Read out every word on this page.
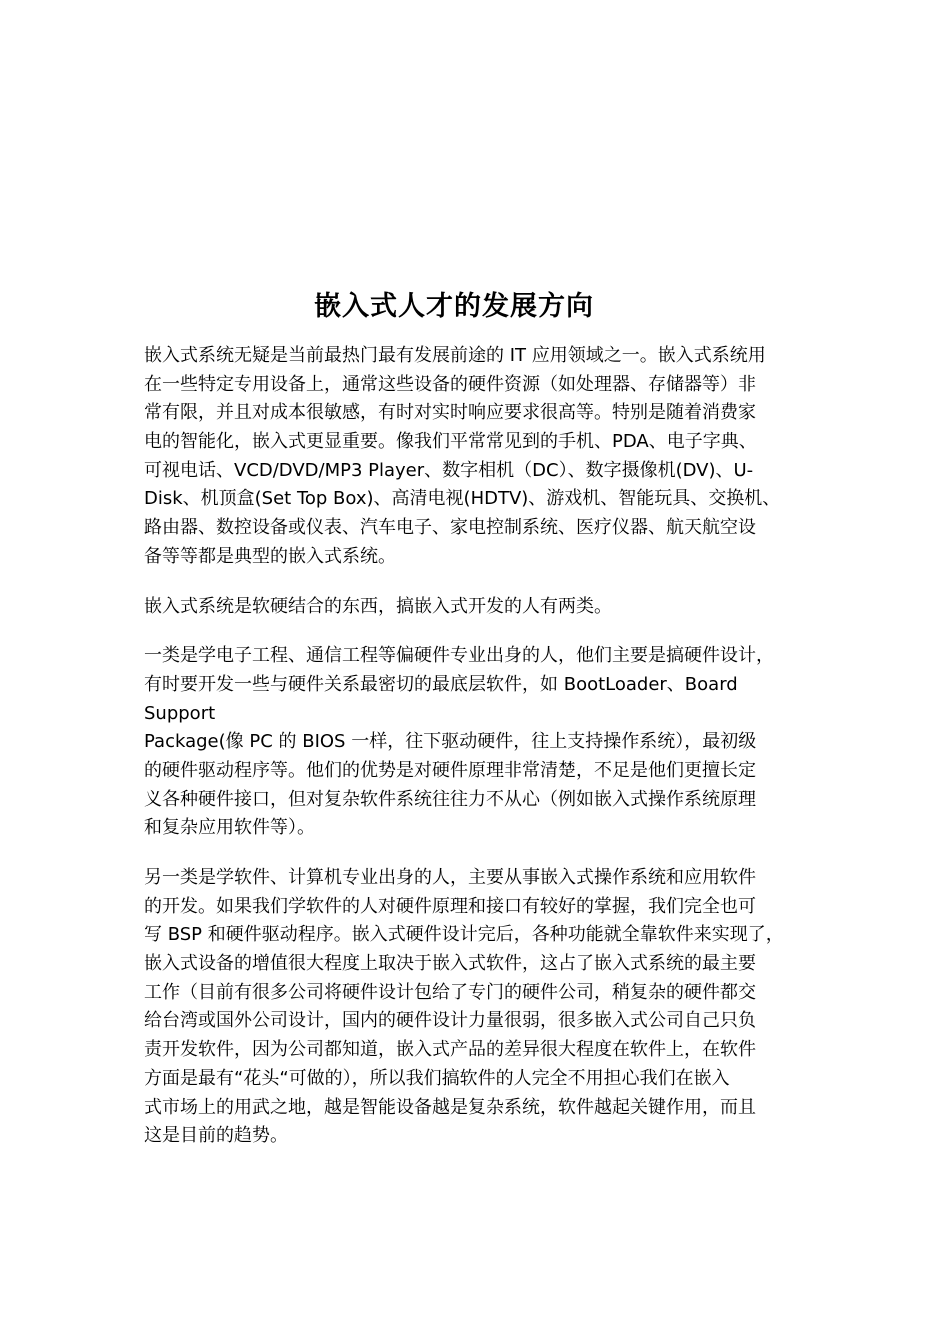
嵌入式人才的发展方向
嵌入式系统无疑是当前最热门最有发展前途的 IT 应用领域之一。嵌入式系统用
在一些特定专用设备上，通常这些设备的硬件资源（如处理器、存储器等）非
常有限，并且对成本很敏感，有时对实时响应要求很高等。特别是随着消费家
电的智能化，嵌入式更显重要。像我们平常常见到的手机、PDA、电子字典、
可视电话、VCD/DVD/MP3 Player、数字相机（DC）、数字摄像机(DV)、U-
Disk、机顶盒(Set Top Box)、高清电视(HDTV)、游戏机、智能玩具、交换机、
路由器、数控设备或仪表、汽车电子、家电控制系统、医疗仪器、航天航空设
备等等都是典型的嵌入式系统。
嵌入式系统是软硬结合的东西，搞嵌入式开发的人有两类。
一类是学电子工程、通信工程等偏硬件专业出身的人，他们主要是搞硬件设计，
有时要开发一些与硬件关系最密切的最底层软件，如 BootLoader、Board
Support
Package(像 PC 的 BIOS 一样，往下驱动硬件，往上支持操作系统），最初级
的硬件驱动程序等。他们的优势是对硬件原理非常清楚，不足是他们更擅长定
义各种硬件接口，但对复杂软件系统往往力不从心（例如嵌入式操作系统原理
和复杂应用软件等）。
另一类是学软件、计算机专业出身的人，主要从事嵌入式操作系统和应用软件
的开发。如果我们学软件的人对硬件原理和接口有较好的掌握，我们完全也可
写 BSP 和硬件驱动程序。嵌入式硬件设计完后，各种功能就全靠软件来实现了，
嵌入式设备的增值很大程度上取决于嵌入式软件，这占了嵌入式系统的最主要
工作（目前有很多公司将硬件设计包给了专门的硬件公司，稍复杂的硬件都交
给台湾或国外公司设计，国内的硬件设计力量很弱，很多嵌入式公司自己只负
责开发软件，因为公司都知道，嵌入式产品的差异很大程度在软件上，在软件
方面是最有“花头“可做的），所以我们搞软件的人完全不用担心我们在嵌入
式市场上的用武之地，越是智能设备越是复杂系统，软件越起关键作用，而且
这是目前的趋势。
